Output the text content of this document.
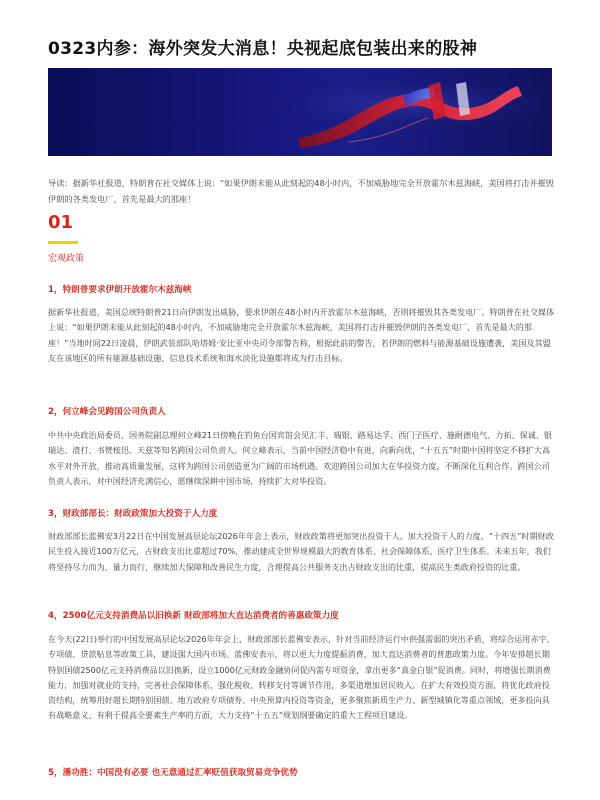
0323内参：海外突发大消息！央视起底包装出来的股神

导读：据新华社报道，特朗普在社交媒体上说：“如果伊朗未能从此刻起的48小时内，不加威胁地完全开放霍尔木兹海峡，美国将打击并摧毁伊朗的各类发电厂，首先是最大的那座！

01
宏观政策
1，特朗普要求伊朗开放霍尔木兹海峡

据新华社报道，美国总统特朗普21日向伊朗发出威胁，要求伊朗在48小时内开放霍尔木兹海峡，否则将摧毁其各类发电厂。特朗普在社交媒体上说：“如果伊朗未能从此刻起的48小时内，不加威胁地完全开放霍尔木兹海峡，美国将打击并摧毁伊朗的各类发电厂，首先是最大的那座！”当地时间22日凌晨，伊朗武装部队哈塔姆·安比亚中央司令部警告称，根据此前的警告，若伊朗的燃料与能源基础设施遭袭，美国及其盟友在该地区的所有能源基础设施、信息技术系统和海水淡化设施都将成为打击目标。

2，何立峰会见跨国公司负责人

中共中央政治局委员、国务院副总理何立峰21日傍晚在钓鱼台国宾馆会见汇丰、瑞银、路易达孚、西门子医疗、施耐德电气、力拓、保诚、银瑞达、渣打、书赞桉迅、天兹等知名跨国公司负责人。何立峰表示，当前中国经济稳中有进、向新向优，“十五五”时期中国将坚定不移扩大高水平对外开放，推动高质量发展，这将为跨国公司创造更为广阔的市场机遇。欢迎跨国公司加大在华投资力度，不断深化互利合作。跨国公司负责人表示，对中国经济充满信心，愿继续深耕中国市场，持续扩大对华投资。

3，财政部部长：财政政策加大投资于人力度

财政部部长蓝佛安3月22日在中国发展高层论坛2026年年会上表示，财政政策将更加突出投资于人。加大投资于人的力度。“十四五”时期财政民生投入接近100万亿元，占财政支出比重超过70%，推动建成全世界规模最大的教育体系、社会保障体系、医疗卫生体系。未来五年，我们将坚持尽力而为、量力而行，继续加大保障和改善民生力度，合理提高公共服务支出占财政支出的比重，提高民生类政府投资的比重。

4，2500亿元支持消费品以旧换新 财政部将加大直达消费者的善惠政策力度

在今天(22日)举行的中国发展高层论坛2026年年会上，财政部部长蓝佛安表示，针对当前经济运行中供强需弱的突出矛盾，将综合运用赤字、专项债、贷款贴息等政策工具，建设强大国内市场。蓝佛安表示，将以更大力度提振消费，加大直达消费者的普惠政策力度。今年安排超长期特别国债2500亿元支持消费品以旧换新，设立1000亿元财政金融协同促内需专项资金，拿出更多“真金白银”促消费。同时，将增强长期消费能力，加强对就业的支持，完善社会保障体系，强化税收、转移支付等调节作用，多渠道增加居民收入。在扩大有效投资方面，将优化政府投资结构，统筹用好超长期特别国债、地方政府专项债券、中央预算内投资等资金，更多聚焦新质生产力、新型城镇化等重点领域，更多投向具有战略意义、有利于提高全要素生产率的方面，大力支持“十五五”规划纲要确定的重大工程项目建设。

5，潘功胜：中国没有必要 也无意通过汇率贬值获取贸易竞争优势
